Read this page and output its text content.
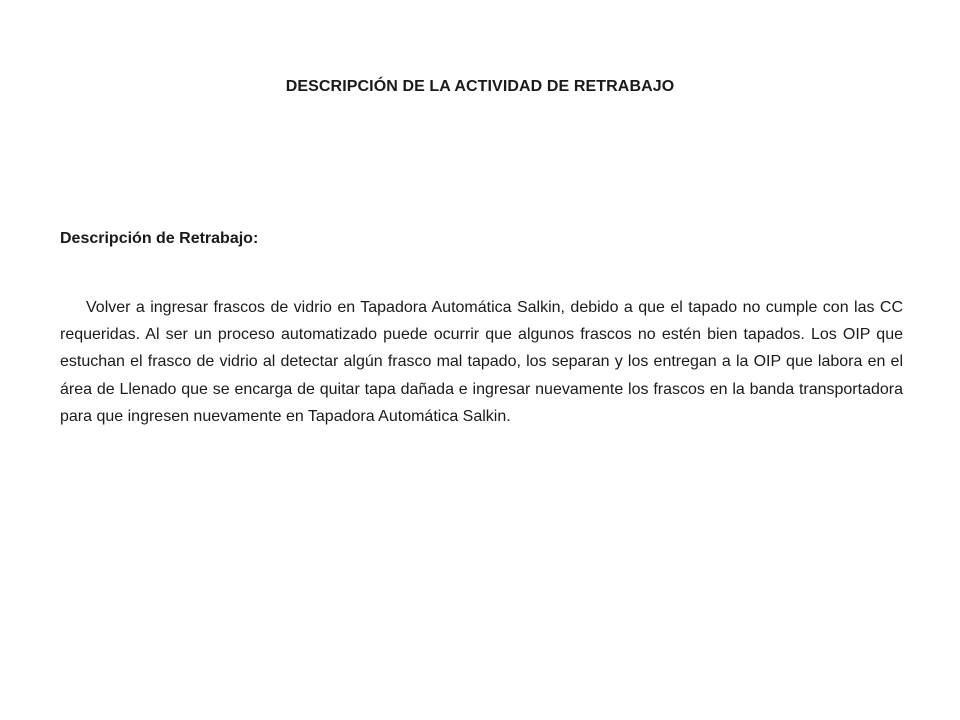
DESCRIPCIÓN DE LA ACTIVIDAD DE RETRABAJO
Descripción de Retrabajo:

Volver a ingresar frascos de vidrio en Tapadora Automática Salkin, debido a que el tapado no cumple con las CC requeridas. Al ser un proceso automatizado puede ocurrir que algunos frascos no estén bien tapados. Los OIP que estuchan el frasco de vidrio al detectar algún frasco mal tapado, los separan y los entregan a la OIP que labora en el área de Llenado que se encarga de quitar tapa dañada e ingresar nuevamente los frascos en la banda transportadora para que ingresen nuevamente en Tapadora Automática Salkin.
